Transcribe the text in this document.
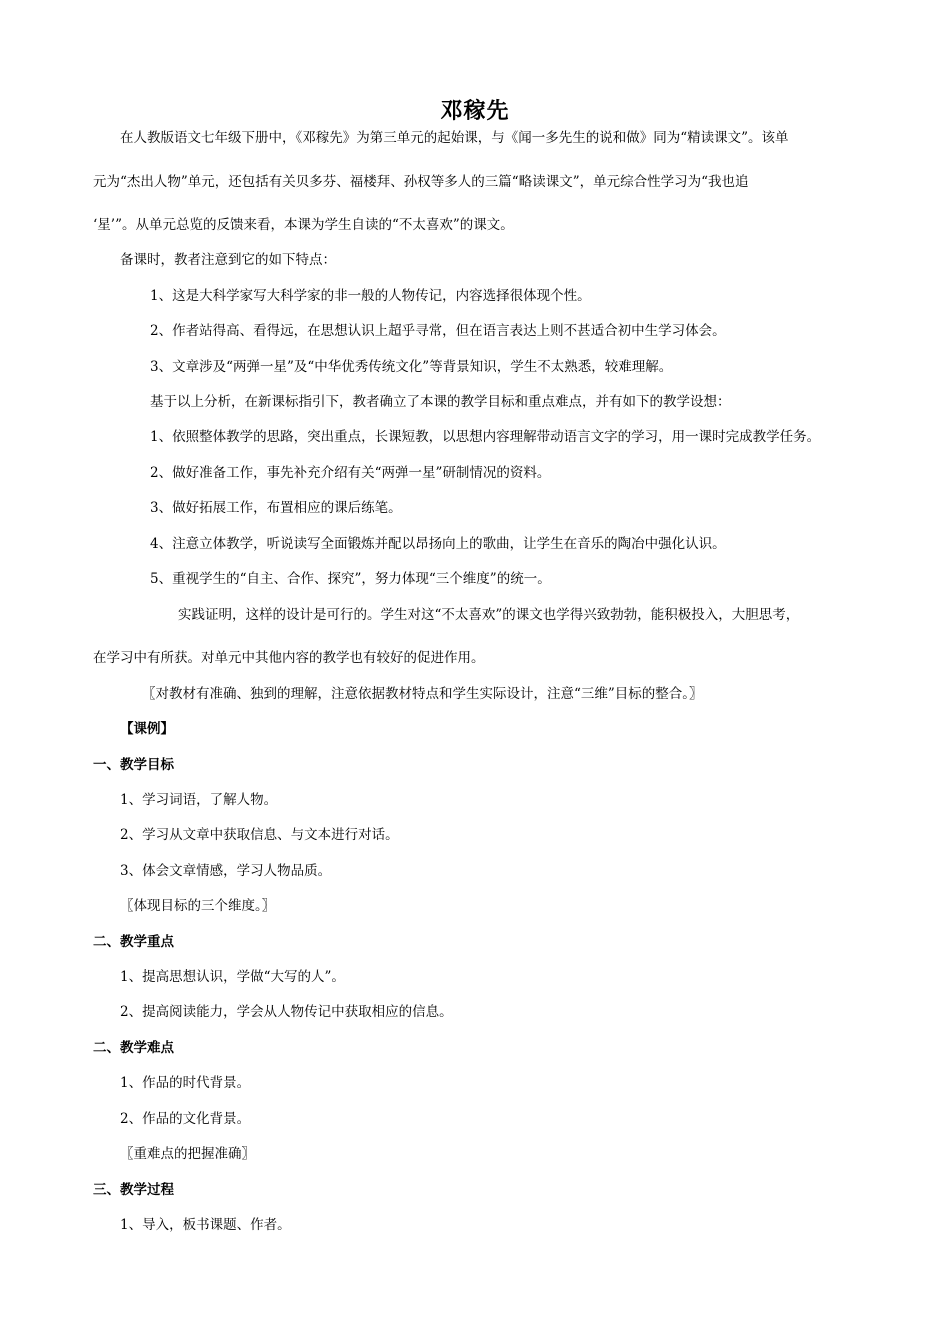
邓稼先
在人教版语文七年级下册中，《邓稼先》为第三单元的起始课，与《闻一多先生的说和做》同为“精读课文”。该单
元为“杰出人物”单元，还包括有关贝多芬、福楼拜、孙权等多人的三篇“略读课文”，单元综合性学习为“我也追
‘星’”。从单元总览的反馈来看，本课为学生自读的“不太喜欢”的课文。
备课时，教者注意到它的如下特点：
1、这是大科学家写大科学家的非一般的人物传记，内容选择很体现个性。
2、作者站得高、看得远，在思想认识上超乎寻常，但在语言表达上则不甚适合初中生学习体会。
3、文章涉及“两弹一星”及“中华优秀传统文化”等背景知识，学生不太熟悉，较难理解。
基于以上分析，在新课标指引下，教者确立了本课的教学目标和重点难点，并有如下的教学设想：
1、依照整体教学的思路，突出重点，长课短教，以思想内容理解带动语言文字的学习，用一课时完成教学任务。
2、做好准备工作，事先补充介绍有关“两弹一星”研制情况的资料。
3、做好拓展工作，布置相应的课后练笔。
4、注意立体教学，听说读写全面锻炼并配以昂扬向上的歌曲，让学生在音乐的陶冶中强化认识。
5、重视学生的“自主、合作、探究”，努力体现“三个维度”的统一。
实践证明，这样的设计是可行的。学生对这“不太喜欢”的课文也学得兴致勃勃，能积极投入，大胆思考，
在学习中有所获。对单元中其他内容的教学也有较好的促进作用。
〖对教材有准确、独到的理解，注意依据教材特点和学生实际设计，注意“三维”目标的整合。〗
【课例】
一、教学目标
1、学习词语，了解人物。
2、学习从文章中获取信息、与文本进行对话。
3、体会文章情感，学习人物品质。
〖体现目标的三个维度。〗
二、教学重点
1、提高思想认识，学做“大写的人”。
2、提高阅读能力，学会从人物传记中获取相应的信息。
二、教学难点
1、作品的时代背景。
2、作品的文化背景。
〖重难点的把握准确〗
三、教学过程
1、导入，板书课题、作者。
